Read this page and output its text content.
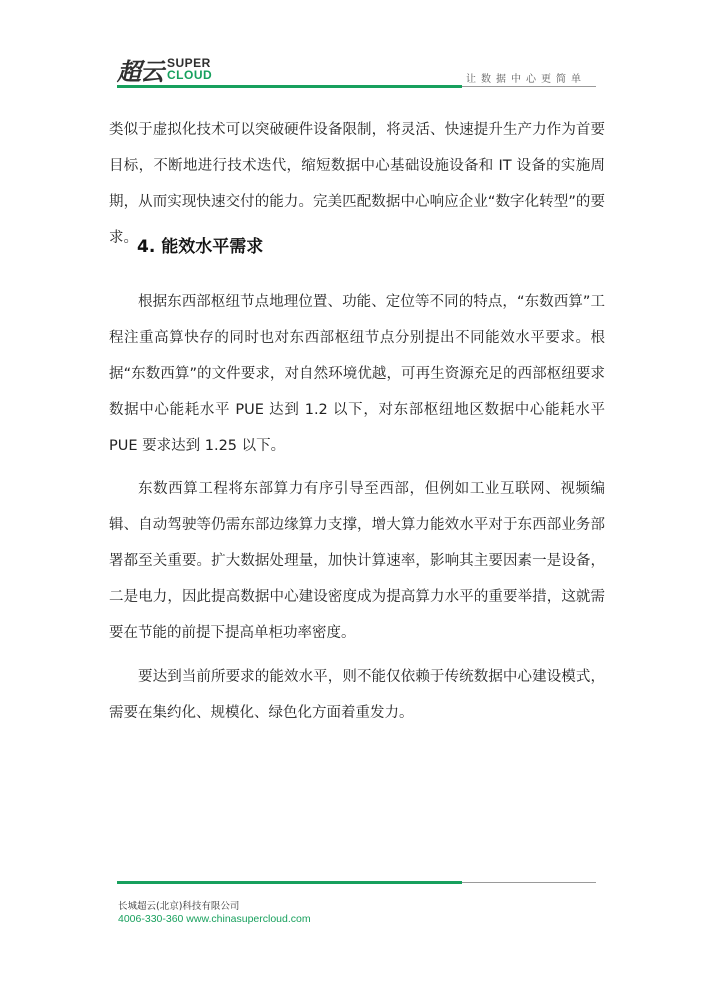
超云 SUPER
CLOUD	让数据中心更简单

类似于虚拟化技术可以突破硬件设备限制，将灵活、快速提升生产力作为首要目标，不断地进行技术迭代，缩短数据中心基础设施设备和 IT 设备的实施周期，从而实现快速交付的能力。完美匹配数据中心响应企业“数字化转型”的要求。 4. 能效水平需求

根据东西部枢纽节点地理位置、功能、定位等不同的特点，“东数西算”工程注重高算快存的同时也对东西部枢纽节点分别提出不同能效水平要求。根据“东数西算”的文件要求，对自然环境优越，可再生资源充足的西部枢纽要求数据中心能耗水平 PUE 达到 1.2 以下，对东部枢纽地区数据中心能耗水平 PUE 要求达到 1.25 以下。

东数西算工程将东部算力有序引导至西部，但例如工业互联网、视频编辑、自动驾驶等仍需东部边缘算力支撑，增大算力能效水平对于东西部业务部署都至关重要。扩大数据处理量，加快计算速率，影响其主要因素一是设备，二是电力，因此提高数据中心建设密度成为提高算力水平的重要举措，这就需要在节能的前提下提高单柜功率密度。

要达到当前所要求的能效水平，则不能仅依赖于传统数据中心建设模式，需要在集约化、规模化、绿色化方面着重发力。

长城超云(北京)科技有限公司
4006-330-360 www.chinasupercloud.com
